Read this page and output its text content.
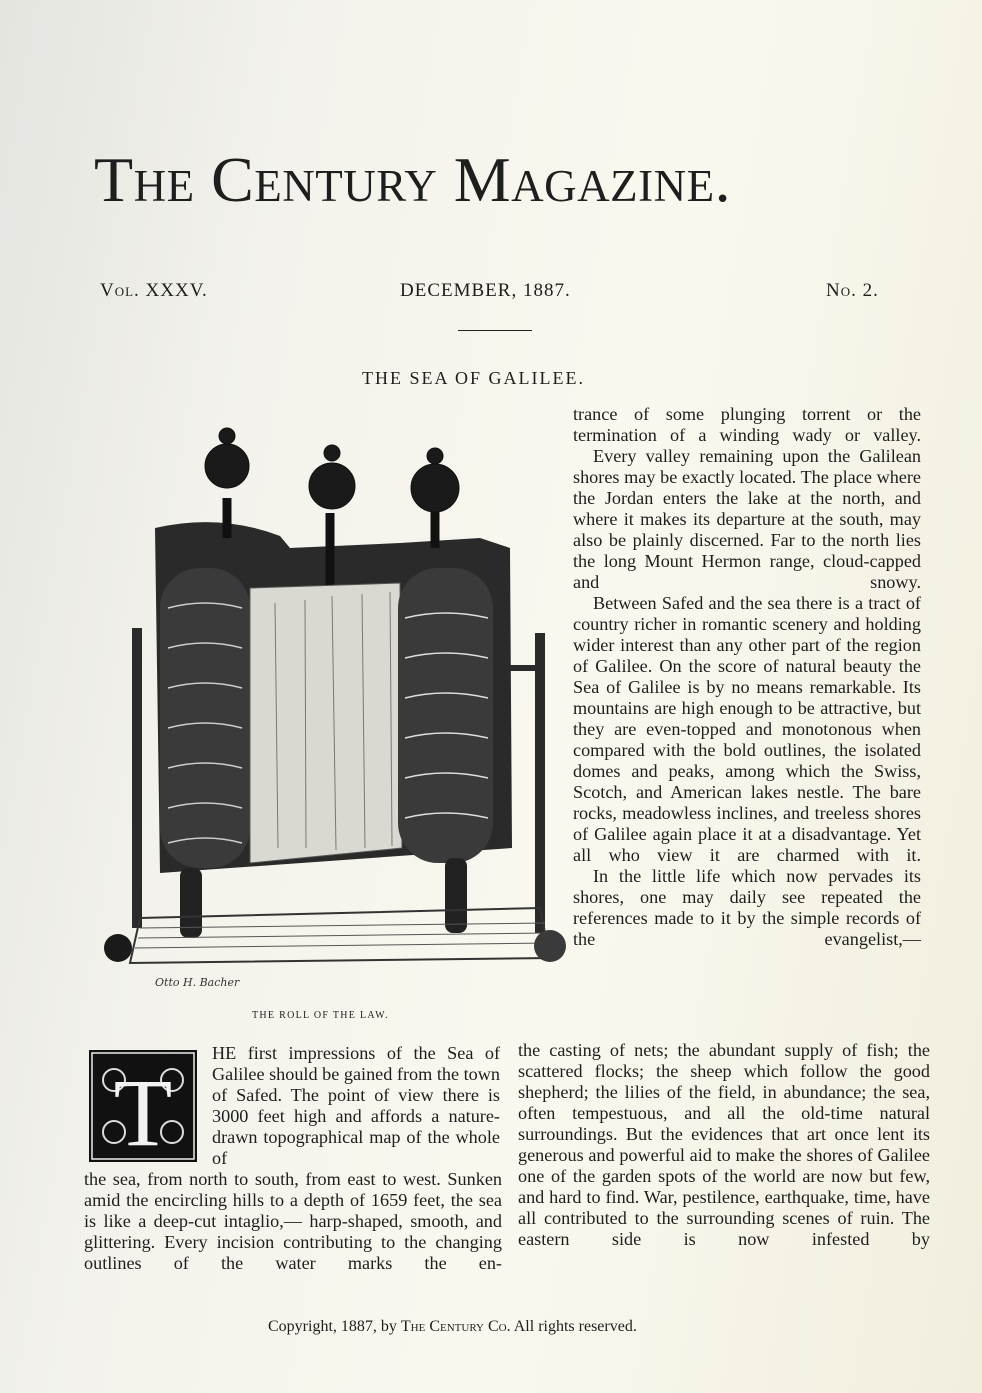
The Century Magazine.
Vol. XXXV.	DECEMBER, 1887.	No. 2.
THE SEA OF GALILEE.
Otto H. Bacher
THE ROLL OF THE LAW.

trance of some plunging torrent or the termination of a winding wady or valley.

Every valley remaining upon the Galilean shores may be exactly located. The place where the Jordan enters the lake at the north, and where it makes its departure at the south, may also be plainly discerned. Far to the north lies the long Mount Hermon range, cloud-capped and snowy.

Between Safed and the sea there is a tract of country richer in romantic scenery and holding wider interest than any other part of the region of Galilee. On the score of natural beauty the Sea of Galilee is by no means remarkable. Its mountains are high enough to be attractive, but they are even-topped and monotonous when compared with the bold outlines, the isolated domes and peaks, among which the Swiss, Scotch, and American lakes nestle. The bare rocks, meadowless inclines, and treeless shores of Galilee again place it at a disadvantage. Yet all who view it are charmed with it.

In the little life which now pervades its shores, one may daily see repeated the references made to it by the simple records of the evangelist,—

T

HE first impressions of the Sea of Galilee should be gained from the town of Safed. The point of view there is 3000 feet high and affords a nature-drawn topographical map of the whole of

the sea, from north to south, from east to west. Sunken amid the encircling hills to a depth of 1659 feet, the sea is like a deep-cut intaglio,— harp-shaped, smooth, and glittering. Every incision contributing to the changing outlines of the water marks the en-

the casting of nets; the abundant supply of fish; the scattered flocks; the sheep which follow the good shepherd; the lilies of the field, in abundance; the sea, often tempestuous, and all the old-time natural surroundings. But the evidences that art once lent its generous and powerful aid to make the shores of Galilee one of the garden spots of the world are now but few, and hard to find. War, pestilence, earthquake, time, have all contributed to the surrounding scenes of ruin. The eastern side is now infested by

Copyright, 1887, by The Century Co. All rights reserved.
